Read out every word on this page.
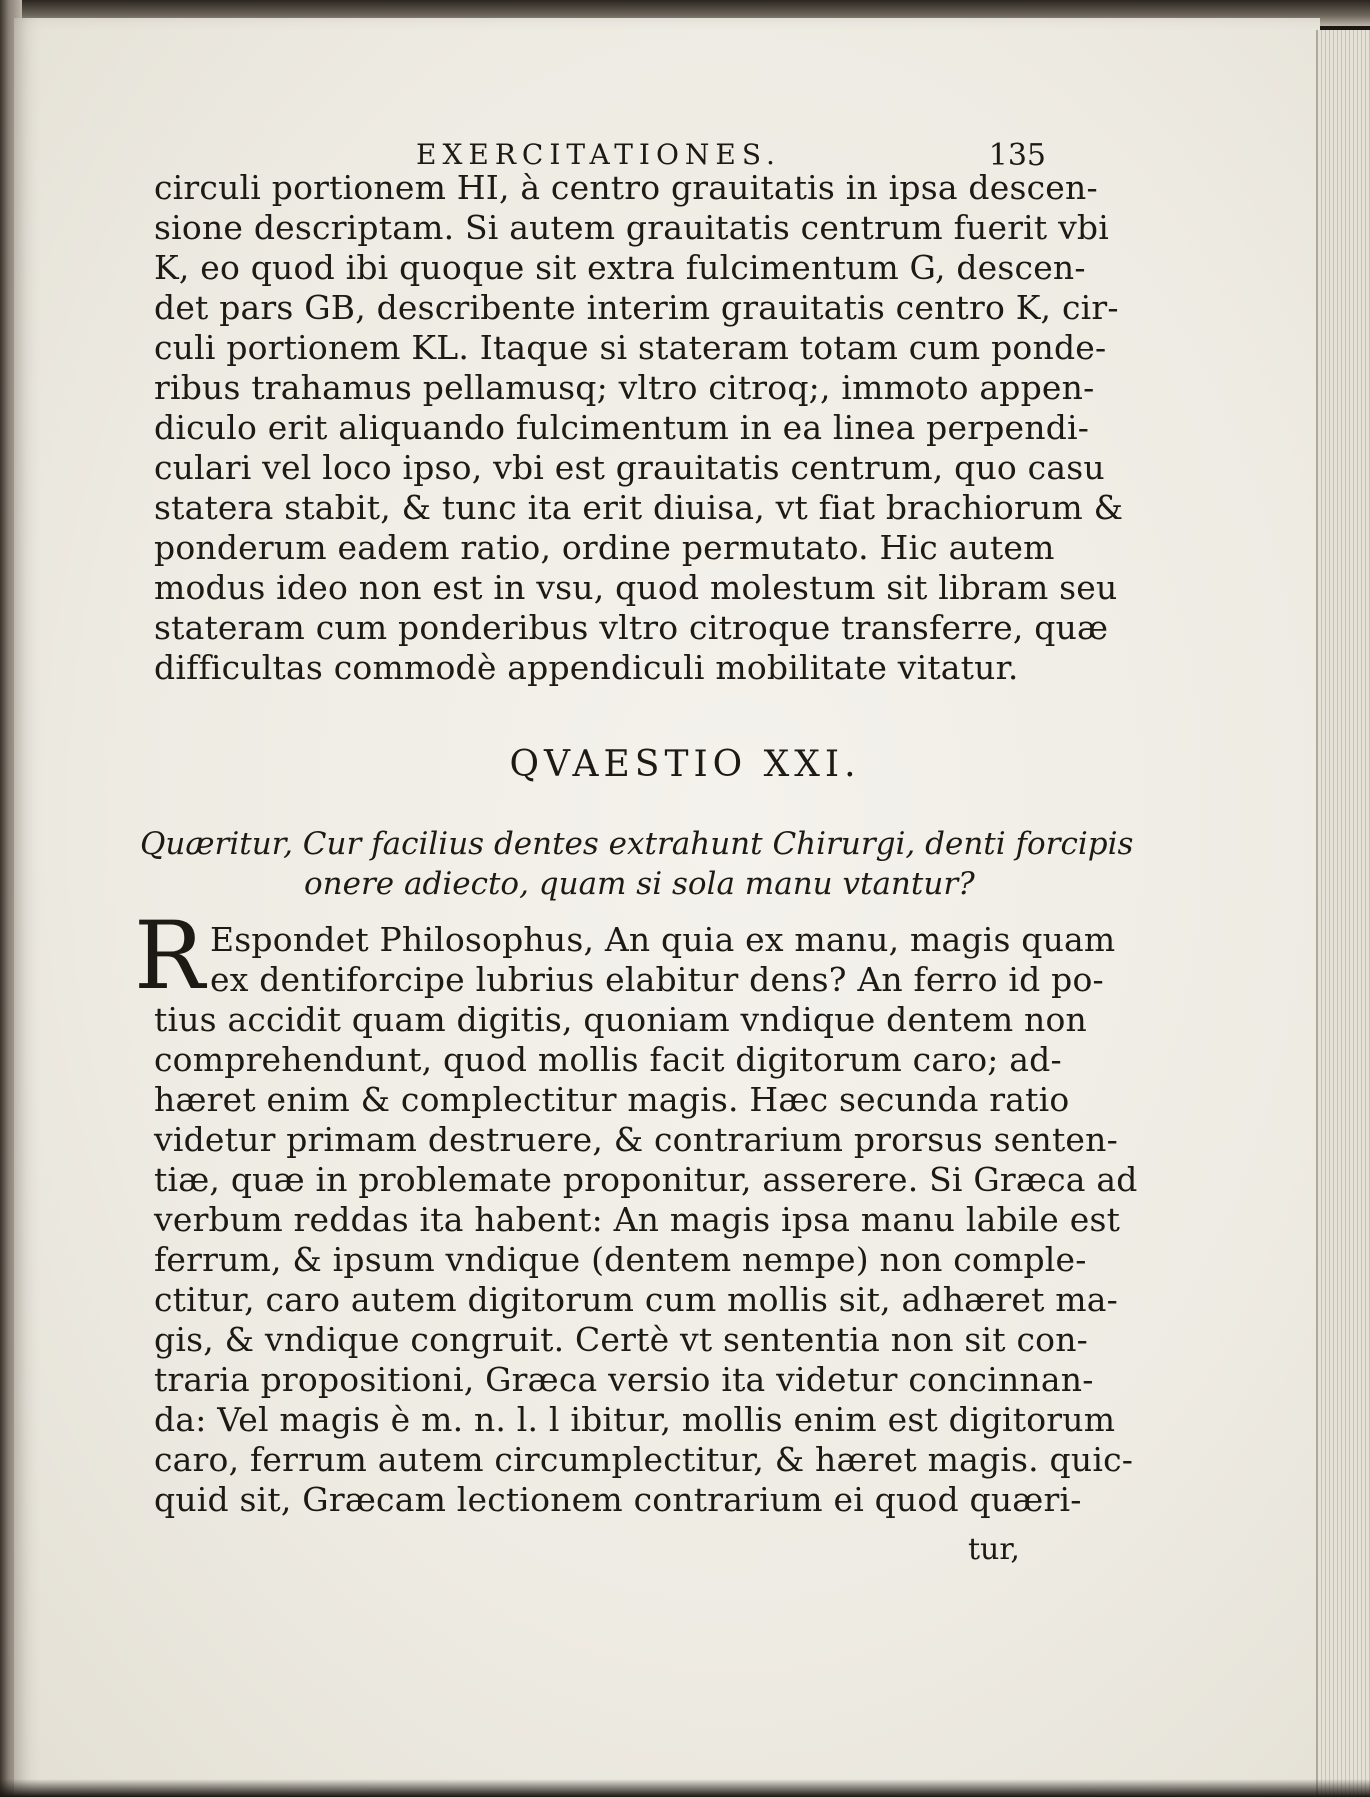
EXERCITATIONES.	135
circuli portionem HI, à centro grauitatis in ipsa descen-
sione descriptam. Si autem grauitatis centrum fuerit vbi
K, eo quod ibi quoque sit extra fulcimentum G, descen-
det pars GB, describente interim grauitatis centro K, cir-
culi portionem KL. Itaque si stateram totam cum ponde-
ribus trahamus pellamusq; vltro citroq;, immoto appen-
diculo erit aliquando fulcimentum in ea linea perpendi-
culari vel loco ipso, vbi est grauitatis centrum, quo casu
statera stabit, & tunc ita erit diuisa, vt fiat brachiorum &
ponderum eadem ratio, ordine permutato. Hic autem
modus ideo non est in vsu, quod molestum sit libram seu
stateram cum ponderibus vltro citroque transferre, quæ
difficultas commodè appendiculi mobilitate vitatur.
QVAESTIO XXI.
Quæritur, Cur facilius dentes extrahunt Chirurgi, denti forcipis
onere adiecto, quam si sola manu vtantur?
R Espondet Philosophus, An quia ex manu, magis quam
ex dentiforcipe lubrius elabitur dens? An ferro id po-
tius accidit quam digitis, quoniam vndique dentem non
comprehendunt, quod mollis facit digitorum caro; ad-
hæret enim & complectitur magis. Hæc secunda ratio
videtur primam destruere, & contrarium prorsus senten-
tiæ, quæ in problemate proponitur, asserere. Si Græca ad
verbum reddas ita habent: An magis ipsa manu labile est
ferrum, & ipsum vndique (dentem nempe) non comple-
ctitur, caro autem digitorum cum mollis sit, adhæret ma-
gis, & vndique congruit. Certè vt sententia non sit con-
traria propositioni, Græca versio ita videtur concinnan-
da: Vel magis è m. n. l. l ibitur, mollis enim est digitorum
caro, ferrum autem circumplectitur, & hæret magis. quic-
quid sit, Græcam lectionem contrarium ei quod quæri-
tur,
